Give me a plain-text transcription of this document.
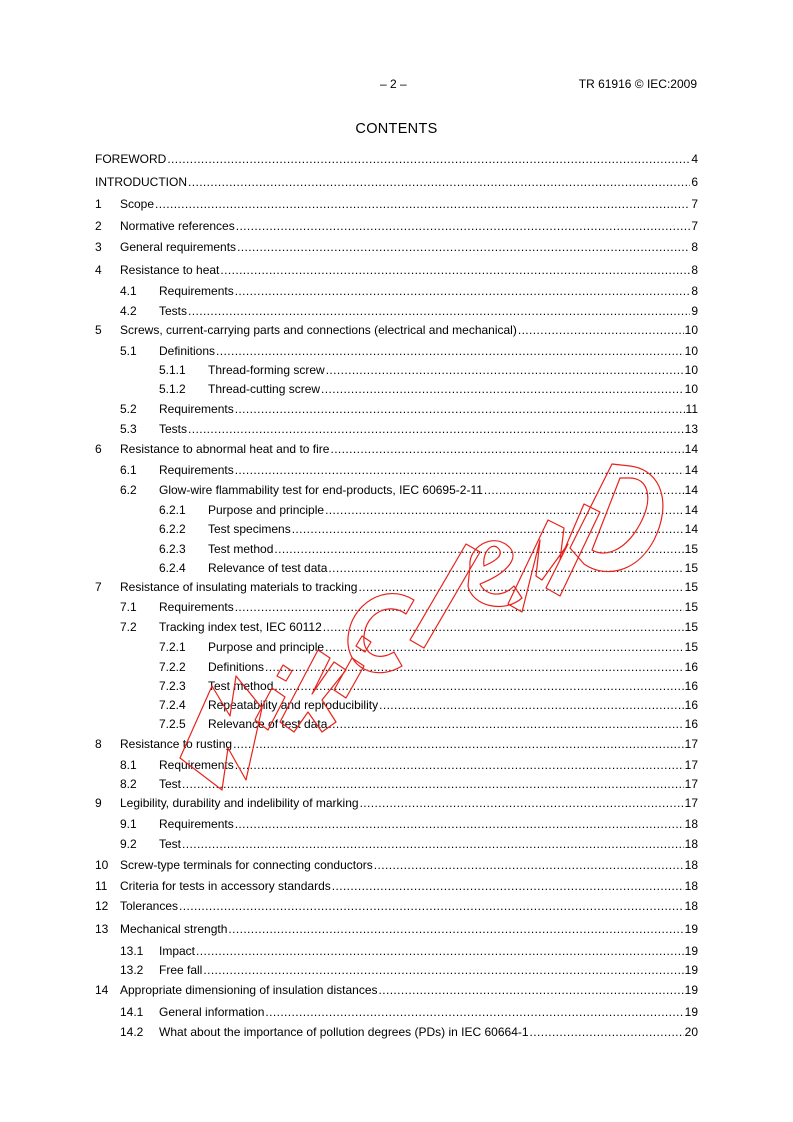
– 2 –	TR 61916 © IEC:2009
CONTENTS
FOREWORD .....	4
INTRODUCTION .....	6
1	Scope .....	7
2	Normative references .....	7
3	General requirements .....	8
4	Resistance to heat .....	8
4.1	Requirements .....	8
4.2	Tests .....	9
5	Screws, current-carrying parts and connections (electrical and mechanical) .....	10
5.1	Definitions .....	10
5.1.1	Thread-forming screw .....	10
5.1.2	Thread-cutting screw .....	10
5.2	Requirements .....	11
5.3	Tests .....	13
6	Resistance to abnormal heat and to fire .....	14
6.1	Requirements .....	14
6.2	Glow-wire flammability test for end-products, IEC 60695-2-11 .....	14
6.2.1	Purpose and principle .....	14
6.2.2	Test specimens .....	14
6.2.3	Test method .....	15
6.2.4	Relevance of test data .....	15
7	Resistance of insulating materials to tracking .....	15
7.1	Requirements .....	15
7.2	Tracking index test, IEC 60112 .....	15
7.2.1	Purpose and principle .....	15
7.2.2	Definitions .....	16
7.2.3	Test method .....	16
7.2.4	Repeatability and reproducibility .....	16
7.2.5	Relevance of test data .....	16
8	Resistance to rusting .....	17
8.1	Requirements .....	17
8.2	Test .....	17
9	Legibility, durability and indelibility of marking .....	17
9.1	Requirements .....	18
9.2	Test .....	18
10 Screw-type terminals for connecting conductors .....	18
11	Criteria for tests in accessory standards .....	18
12 Tolerances .....	18
13 Mechanical strength .....	19
13.1	Impact .....	19
13.2	Free fall .....	19
14 Appropriate dimensioning of insulation distances .....	19
14.1	General information .....	19
14.2	What about the importance of pollution degrees (PDs) in IEC 60664-1 .....	20
